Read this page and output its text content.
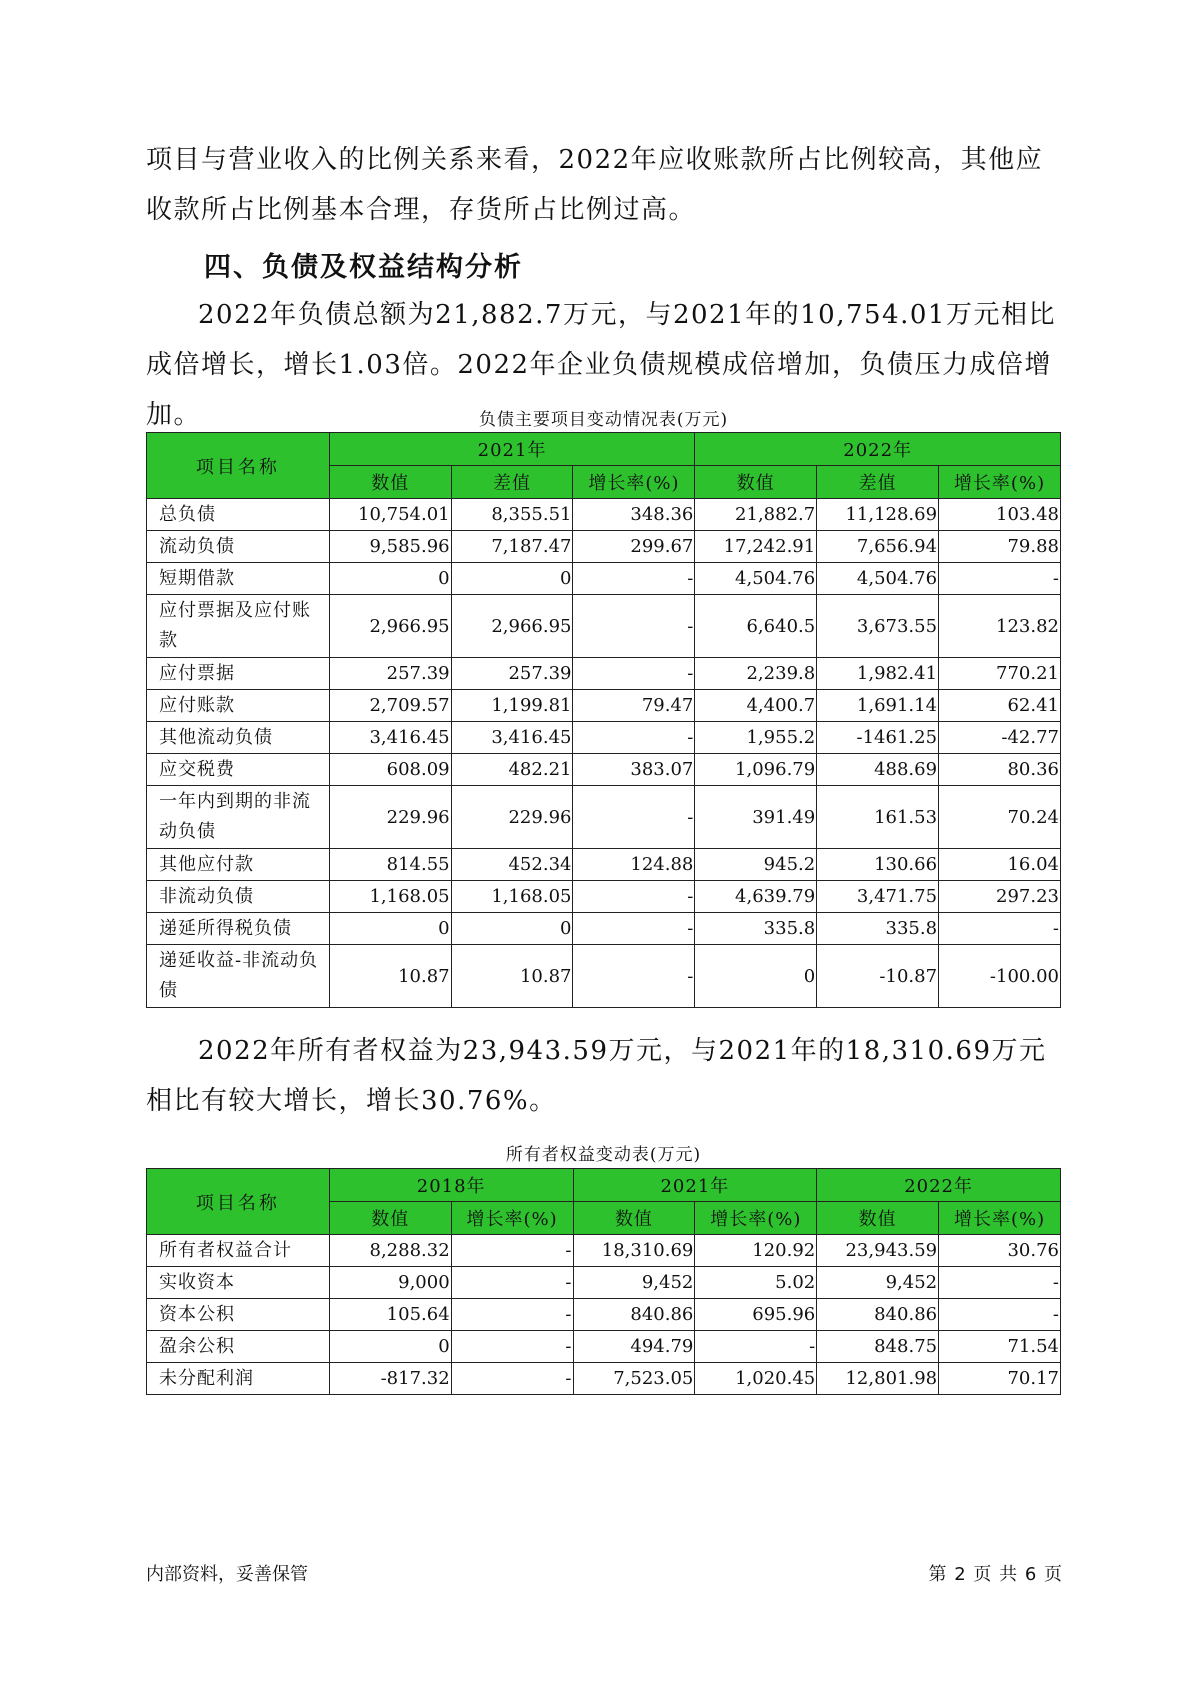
项目与营业收入的比例关系来看，2022年应收账款所占比例较高，其他应收款所占比例基本合理，存货所占比例过高。

四、负债及权益结构分析

2022年负债总额为21,882.7万元，与2021年的10,754.01万元相比成倍增长，增长1.03倍。2022年企业负债规模成倍增加，负债压力成倍增加。	负债主要项目变动情况表(万元)
项目名称	2021年			2022年		
	数值	差值	增长率(%)	数值	差值	增长率(%)
总负债	10,754.01	8,355.51	348.36	21,882.7	11,128.69	103.48
流动负债	9,585.96	7,187.47	299.67	17,242.91	7,656.94	79.88
短期借款	0	0	-	4,504.76	4,504.76	-
应付票据及应付账款	2,966.95	2,966.95	-	6,640.5	3,673.55	123.82
应付票据	257.39	257.39	-	2,239.8	1,982.41	770.21
应付账款	2,709.57	1,199.81	79.47	4,400.7	1,691.14	62.41
其他流动负债	3,416.45	3,416.45	-	1,955.2	-1461.25	-42.77
应交税费	608.09	482.21	383.07	1,096.79	488.69	80.36
一年内到期的非流动负债	229.96	229.96	-	391.49	161.53	70.24
其他应付款	814.55	452.34	124.88	945.2	130.66	16.04
非流动负债	1,168.05	1,168.05	-	4,639.79	3,471.75	297.23
递延所得税负债	0	0	-	335.8	335.8	-
递延收益-非流动负债	10.87	10.87	-	0	-10.87	-100.00

2022年所有者权益为23,943.59万元，与2021年的18,310.69万元相比有较大增长，增长30.76%。

所有者权益变动表(万元)
项目名称	2018年		2021年		2022年	
	数值	增长率(%)	数值	增长率(%)	数值	增长率(%)
所有者权益合计	8,288.32	-	18,310.69	120.92	23,943.59	30.76
实收资本	9,000	-	9,452	5.02	9,452	-
资本公积	105.64	-	840.86	695.96	840.86	-
盈余公积	0	-	494.79	-	848.75	71.54
未分配利润	-817.32	-	7,523.05	1,020.45	12,801.98	70.17
内部资料，妥善保管	第 2 页 共 6 页
